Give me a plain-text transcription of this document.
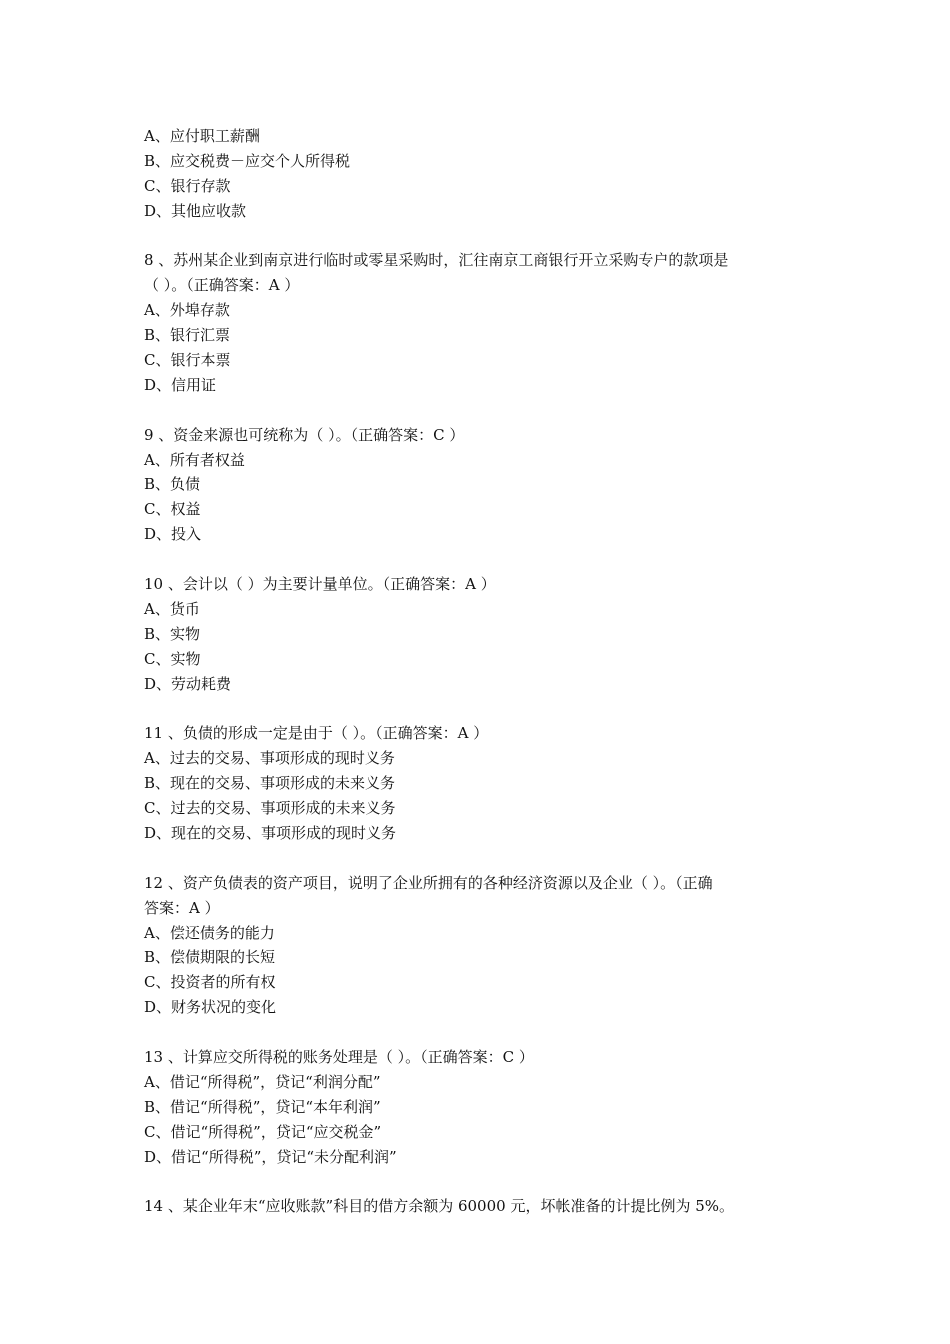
A、应付职工薪酬
B、应交税费－应交个人所得税
C、银行存款
D、其他应收款
8 、苏州某企业到南京进行临时或零星采购时，汇往南京工商银行开立采购专户的款项是
（ ）。（正确答案：A ）
A、外埠存款
B、银行汇票
C、银行本票
D、信用证
9 、资金来源也可统称为（ ）。（正确答案：C ）
A、所有者权益
B、负债
C、权益
D、投入
10 、会计以（ ）为主要计量单位。（正确答案：A ）
A、货币
B、实物
C、实物
D、劳动耗费
11 、负债的形成一定是由于（ ）。（正确答案：A ）
A、过去的交易、事项形成的现时义务
B、现在的交易、事项形成的未来义务
C、过去的交易、事项形成的未来义务
D、现在的交易、事项形成的现时义务
12 、资产负债表的资产项目，说明了企业所拥有的各种经济资源以及企业（ ）。（正确
答案：A ）
A、偿还债务的能力
B、偿债期限的长短
C、投资者的所有权
D、财务状况的变化
13 、计算应交所得税的账务处理是（ ）。（正确答案：C ）
A、借记“所得税”，贷记“利润分配”
B、借记“所得税”，贷记“本年利润”
C、借记“所得税”，贷记“应交税金”
D、借记“所得税”，贷记“未分配利润”
14 、某企业年末“应收账款”科目的借方余额为 60000 元，坏帐准备的计提比例为 5%。
